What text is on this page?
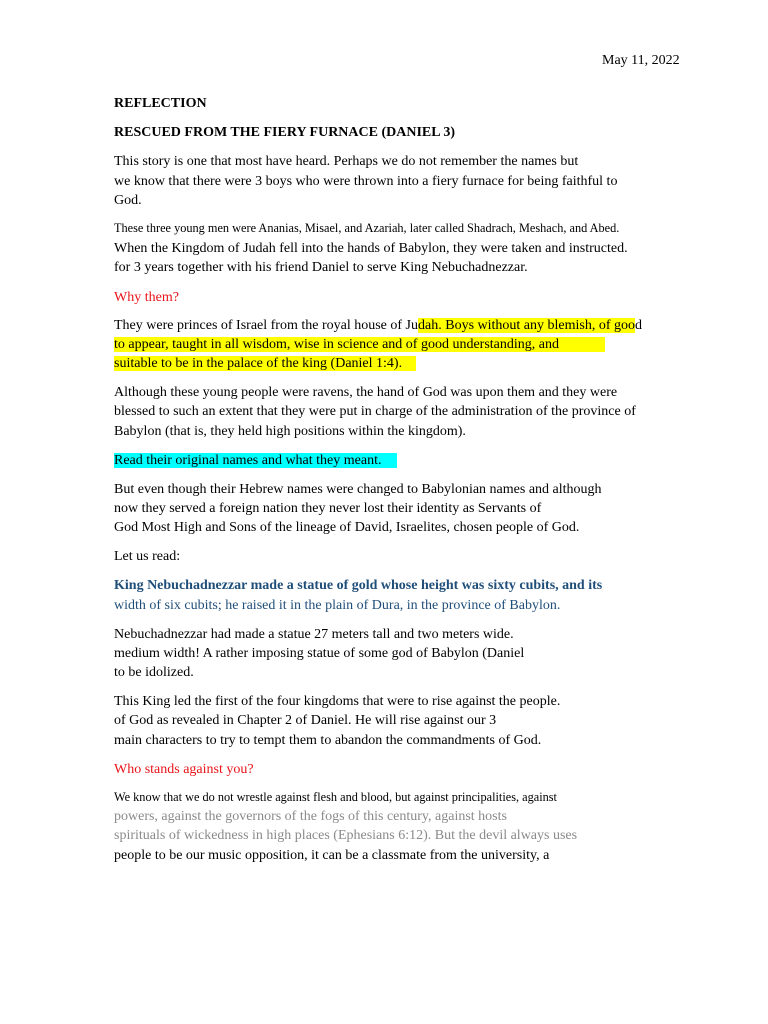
May 11, 2022
REFLECTION
RESCUED FROM THE FIERY FURNACE (DANIEL 3)
This story is one that most have heard. Perhaps we do not remember the names but
we know that there were 3 boys who were thrown into a fiery furnace for being faithful to
God.
These three young men were Ananias, Misael, and Azariah, later called Shadrach, Meshach, and Abed.
When the Kingdom of Judah fell into the hands of Babylon, they were taken and instructed.
for 3 years together with his friend Daniel to serve King Nebuchadnezzar.
Why them?
They were princes of Israel from the royal house of Judah. Boys without any blemish, of good
to appear, taught in all wisdom, wise in science and of good understanding, and
suitable to be in the palace of the king (Daniel 1:4).
Although these young people were ravens, the hand of God was upon them and they were
blessed to such an extent that they were put in charge of the administration of the province of
Babylon (that is, they held high positions within the kingdom).
Read their original names and what they meant.
But even though their Hebrew names were changed to Babylonian names and although
now they served a foreign nation they never lost their identity as Servants of
God Most High and Sons of the lineage of David, Israelites, chosen people of God.
Let us read:
King Nebuchadnezzar made a statue of gold whose height was sixty cubits, and its
width of six cubits; he raised it in the plain of Dura, in the province of Babylon.
Nebuchadnezzar had made a statue 27 meters tall and two meters wide.
medium width! A rather imposing statue of some god of Babylon (Daniel
to be idolized.
This King led the first of the four kingdoms that were to rise against the people.
of God as revealed in Chapter 2 of Daniel. He will rise against our 3
main characters to try to tempt them to abandon the commandments of God.
Who stands against you?
We know that we do not wrestle against flesh and blood, but against principalities, against
powers, against the governors of the fogs of this century, against hosts
spirituals of wickedness in high places (Ephesians 6:12). But the devil always uses
people to be our music opposition, it can be a classmate from the university, a
